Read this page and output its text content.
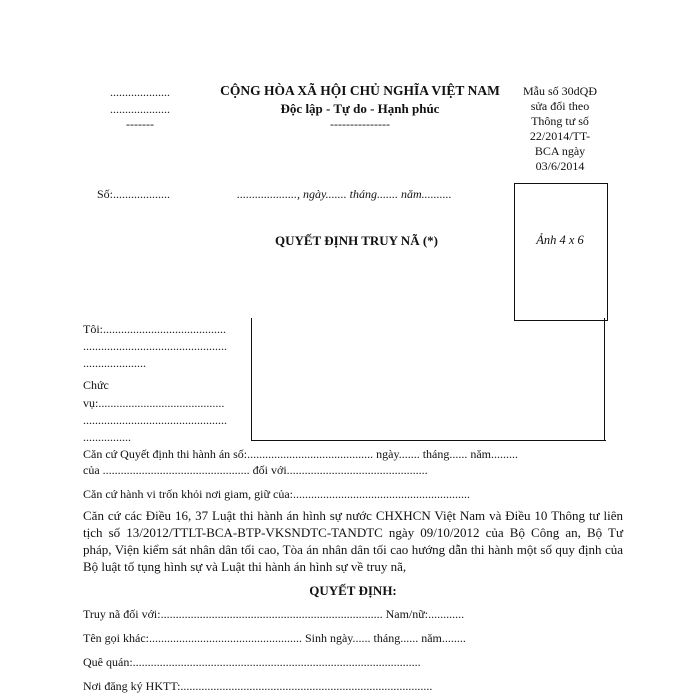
....................
....................
-------
CỘNG HÒA XÃ HỘI CHỦ NGHĨA VIỆT NAM
Độc lập - Tự do - Hạnh phúc
---------------
Mẫu số 30dQĐ
sửa đổi theo
Thông tư số
22/2014/TT-
BCA ngày
03/6/2014
Số:...................	...................., ngày....... tháng....... năm..........
QUYẾT ĐỊNH TRUY NÃ (*)	Ảnh 4 x 6
Tôi:.........................................
................................................
.....................
Chức
vụ:..........................................
................................................
................
Căn cứ Quyết định thi hành án số:.......................................... ngày....... tháng...... năm.........
của ................................................. đối với...............................................
Căn cứ hành vi trốn khỏi nơi giam, giữ của:...........................................................
Căn cứ các Điều 16, 37 Luật thi hành án hình sự nước CHXHCN Việt Nam và Điều 10 Thông tư liên tịch số 13/2012/TTLT-BCA-BTP-VKSNDTC-TANDTC ngày 09/10/2012 của Bộ Công an, Bộ Tư pháp, Viện kiểm sát nhân dân tối cao, Tòa án nhân dân tối cao hướng dẫn thi hành một số quy định của Bộ luật tố tụng hình sự và Luật thi hành án hình sự về truy nã,
QUYẾT ĐỊNH:
Truy nã đối với:.......................................................................... Nam/nữ:............
Tên gọi khác:................................................... Sinh ngày...... tháng...... năm........
Quê quán:................................................................................................
Nơi đăng ký HKTT:....................................................................................
